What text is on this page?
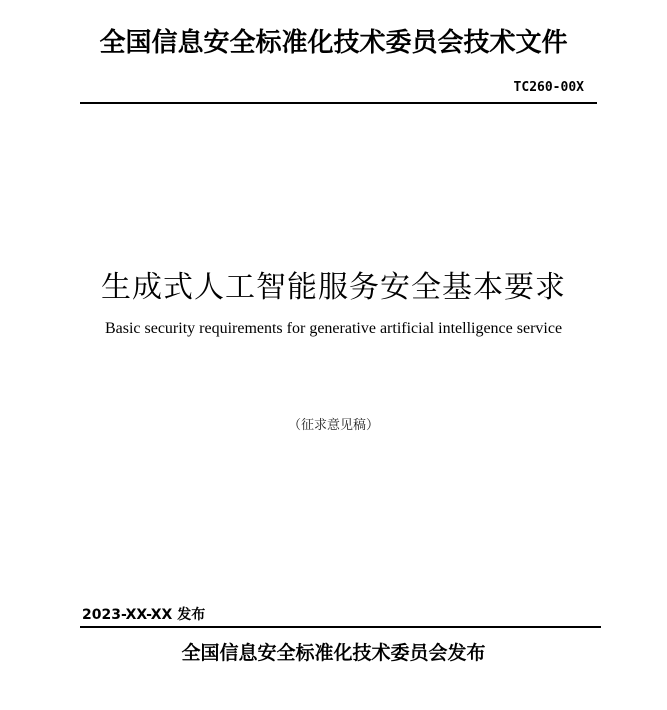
全国信息安全标准化技术委员会技术文件
TC260-00X
生成式人工智能服务安全基本要求
Basic security requirements for generative artificial intelligence service
（征求意见稿）
2023-XX-XX 发布
全国信息安全标准化技术委员会发布
